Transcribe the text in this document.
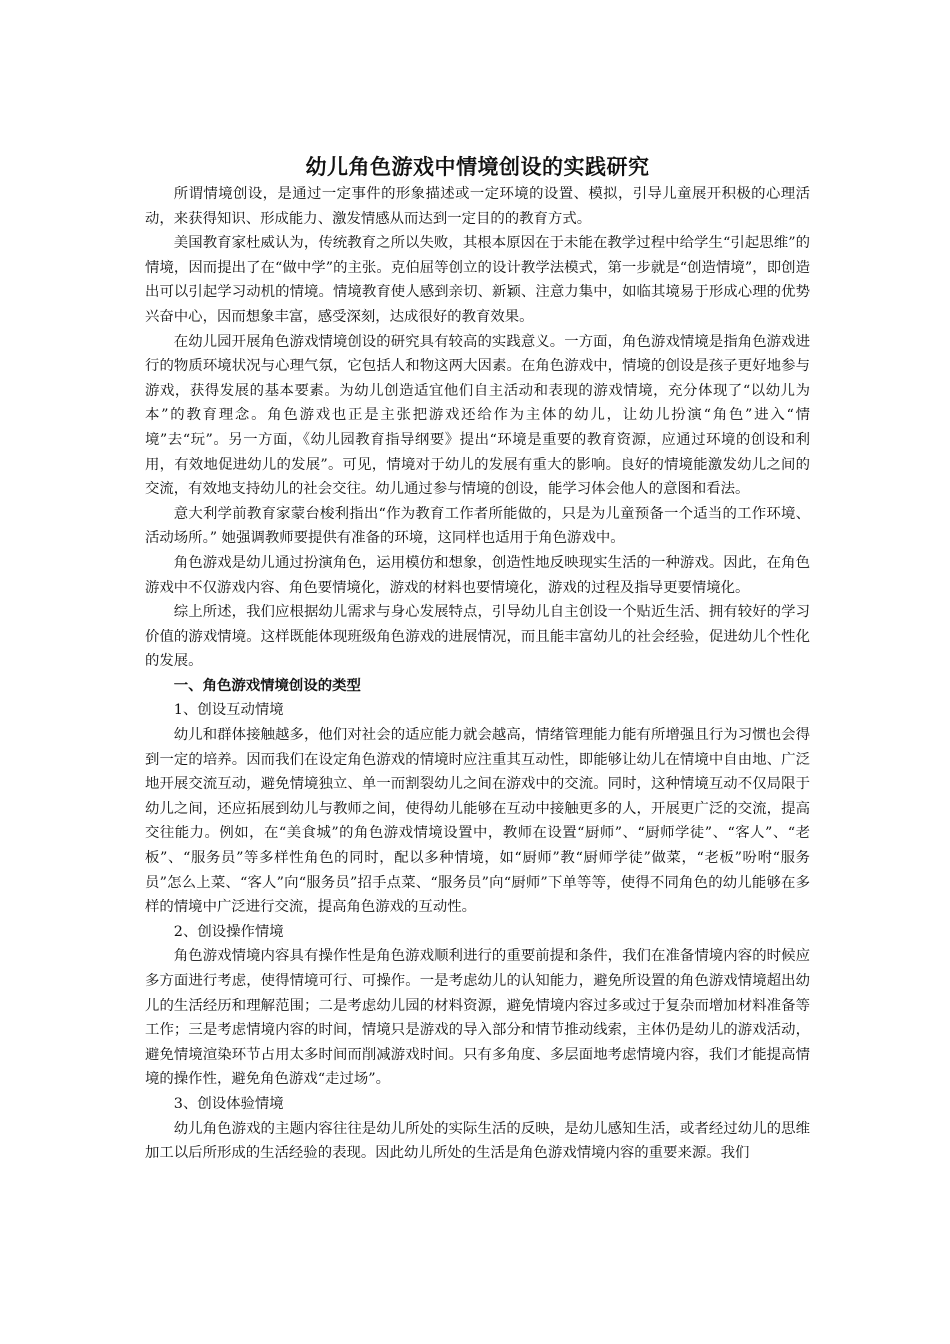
幼儿角色游戏中情境创设的实践研究

所谓情境创设，是通过一定事件的形象描述或一定环境的设置、模拟，引导儿童展开积极的心理活动，来获得知识、形成能力、激发情感从而达到一定目的的教育方式。

美国教育家杜威认为，传统教育之所以失败，其根本原因在于未能在教学过程中给学生“引起思维”的情境，因而提出了在“做中学”的主张。克伯屈等创立的设计教学法模式，第一步就是“创造情境”，即创造出可以引起学习动机的情境。情境教育使人感到亲切、新颖、注意力集中，如临其境易于形成心理的优势兴奋中心，因而想象丰富，感受深刻，达成很好的教育效果。

在幼儿园开展角色游戏情境创设的研究具有较高的实践意义。一方面，角色游戏情境是指角色游戏进行的物质环境状况与心理气氛，它包括人和物这两大因素。在角色游戏中，情境的创设是孩子更好地参与游戏，获得发展的基本要素。为幼儿创造适宜他们自主活动和表现的游戏情境，充分体现了“以幼儿为本”的教育理念。角色游戏也正是主张把游戏还给作为主体的幼儿，让幼儿扮演“角色”进入“情境”去“玩”。另一方面，《幼儿园教育指导纲要》提出“环境是重要的教育资源，应通过环境的创设和利用，有效地促进幼儿的发展”。可见，情境对于幼儿的发展有重大的影响。良好的情境能激发幼儿之间的交流，有效地支持幼儿的社会交往。幼儿通过参与情境的创设，能学习体会他人的意图和看法。

意大利学前教育家蒙台梭利指出“作为教育工作者所能做的，只是为儿童预备一个适当的工作环境、活动场所。” 她强调教师要提供有准备的环境，这同样也适用于角色游戏中。

角色游戏是幼儿通过扮演角色，运用模仿和想象，创造性地反映现实生活的一种游戏。因此，在角色游戏中不仅游戏内容、角色要情境化，游戏的材料也要情境化，游戏的过程及指导更要情境化。

综上所述，我们应根据幼儿需求与身心发展特点，引导幼儿自主创设一个贴近生活、拥有较好的学习价值的游戏情境。这样既能体现班级角色游戏的进展情况，而且能丰富幼儿的社会经验，促进幼儿个性化的发展。

一、角色游戏情境创设的类型

1、创设互动情境

幼儿和群体接触越多，他们对社会的适应能力就会越高，情绪管理能力能有所增强且行为习惯也会得到一定的培养。因而我们在设定角色游戏的情境时应注重其互动性，即能够让幼儿在情境中自由地、广泛地开展交流互动，避免情境独立、单一而割裂幼儿之间在游戏中的交流。同时，这种情境互动不仅局限于幼儿之间，还应拓展到幼儿与教师之间，使得幼儿能够在互动中接触更多的人，开展更广泛的交流，提高交往能力。例如，在“美食城”的角色游戏情境设置中，教师在设置“厨师”、“厨师学徒”、“客人”、“老板”、“服务员”等多样性角色的同时，配以多种情境，如“厨师”教“厨师学徒”做菜，“老板”吩咐“服务员”怎么上菜、“客人”向“服务员”招手点菜、“服务员”向“厨师”下单等等，使得不同角色的幼儿能够在多样的情境中广泛进行交流，提高角色游戏的互动性。

2、创设操作情境

角色游戏情境内容具有操作性是角色游戏顺利进行的重要前提和条件，我们在准备情境内容的时候应多方面进行考虑，使得情境可行、可操作。一是考虑幼儿的认知能力，避免所设置的角色游戏情境超出幼儿的生活经历和理解范围；二是考虑幼儿园的材料资源，避免情境内容过多或过于复杂而增加材料准备等工作；三是考虑情境内容的时间，情境只是游戏的导入部分和情节推动线索，主体仍是幼儿的游戏活动，避免情境渲染环节占用太多时间而削减游戏时间。只有多角度、多层面地考虑情境内容，我们才能提高情境的操作性，避免角色游戏“走过场”。

3、创设体验情境

幼儿角色游戏的主题内容往往是幼儿所处的实际生活的反映，是幼儿感知生活，或者经过幼儿的思维加工以后所形成的生活经验的表现。因此幼儿所处的生活是角色游戏情境内容的重要来源。我们
